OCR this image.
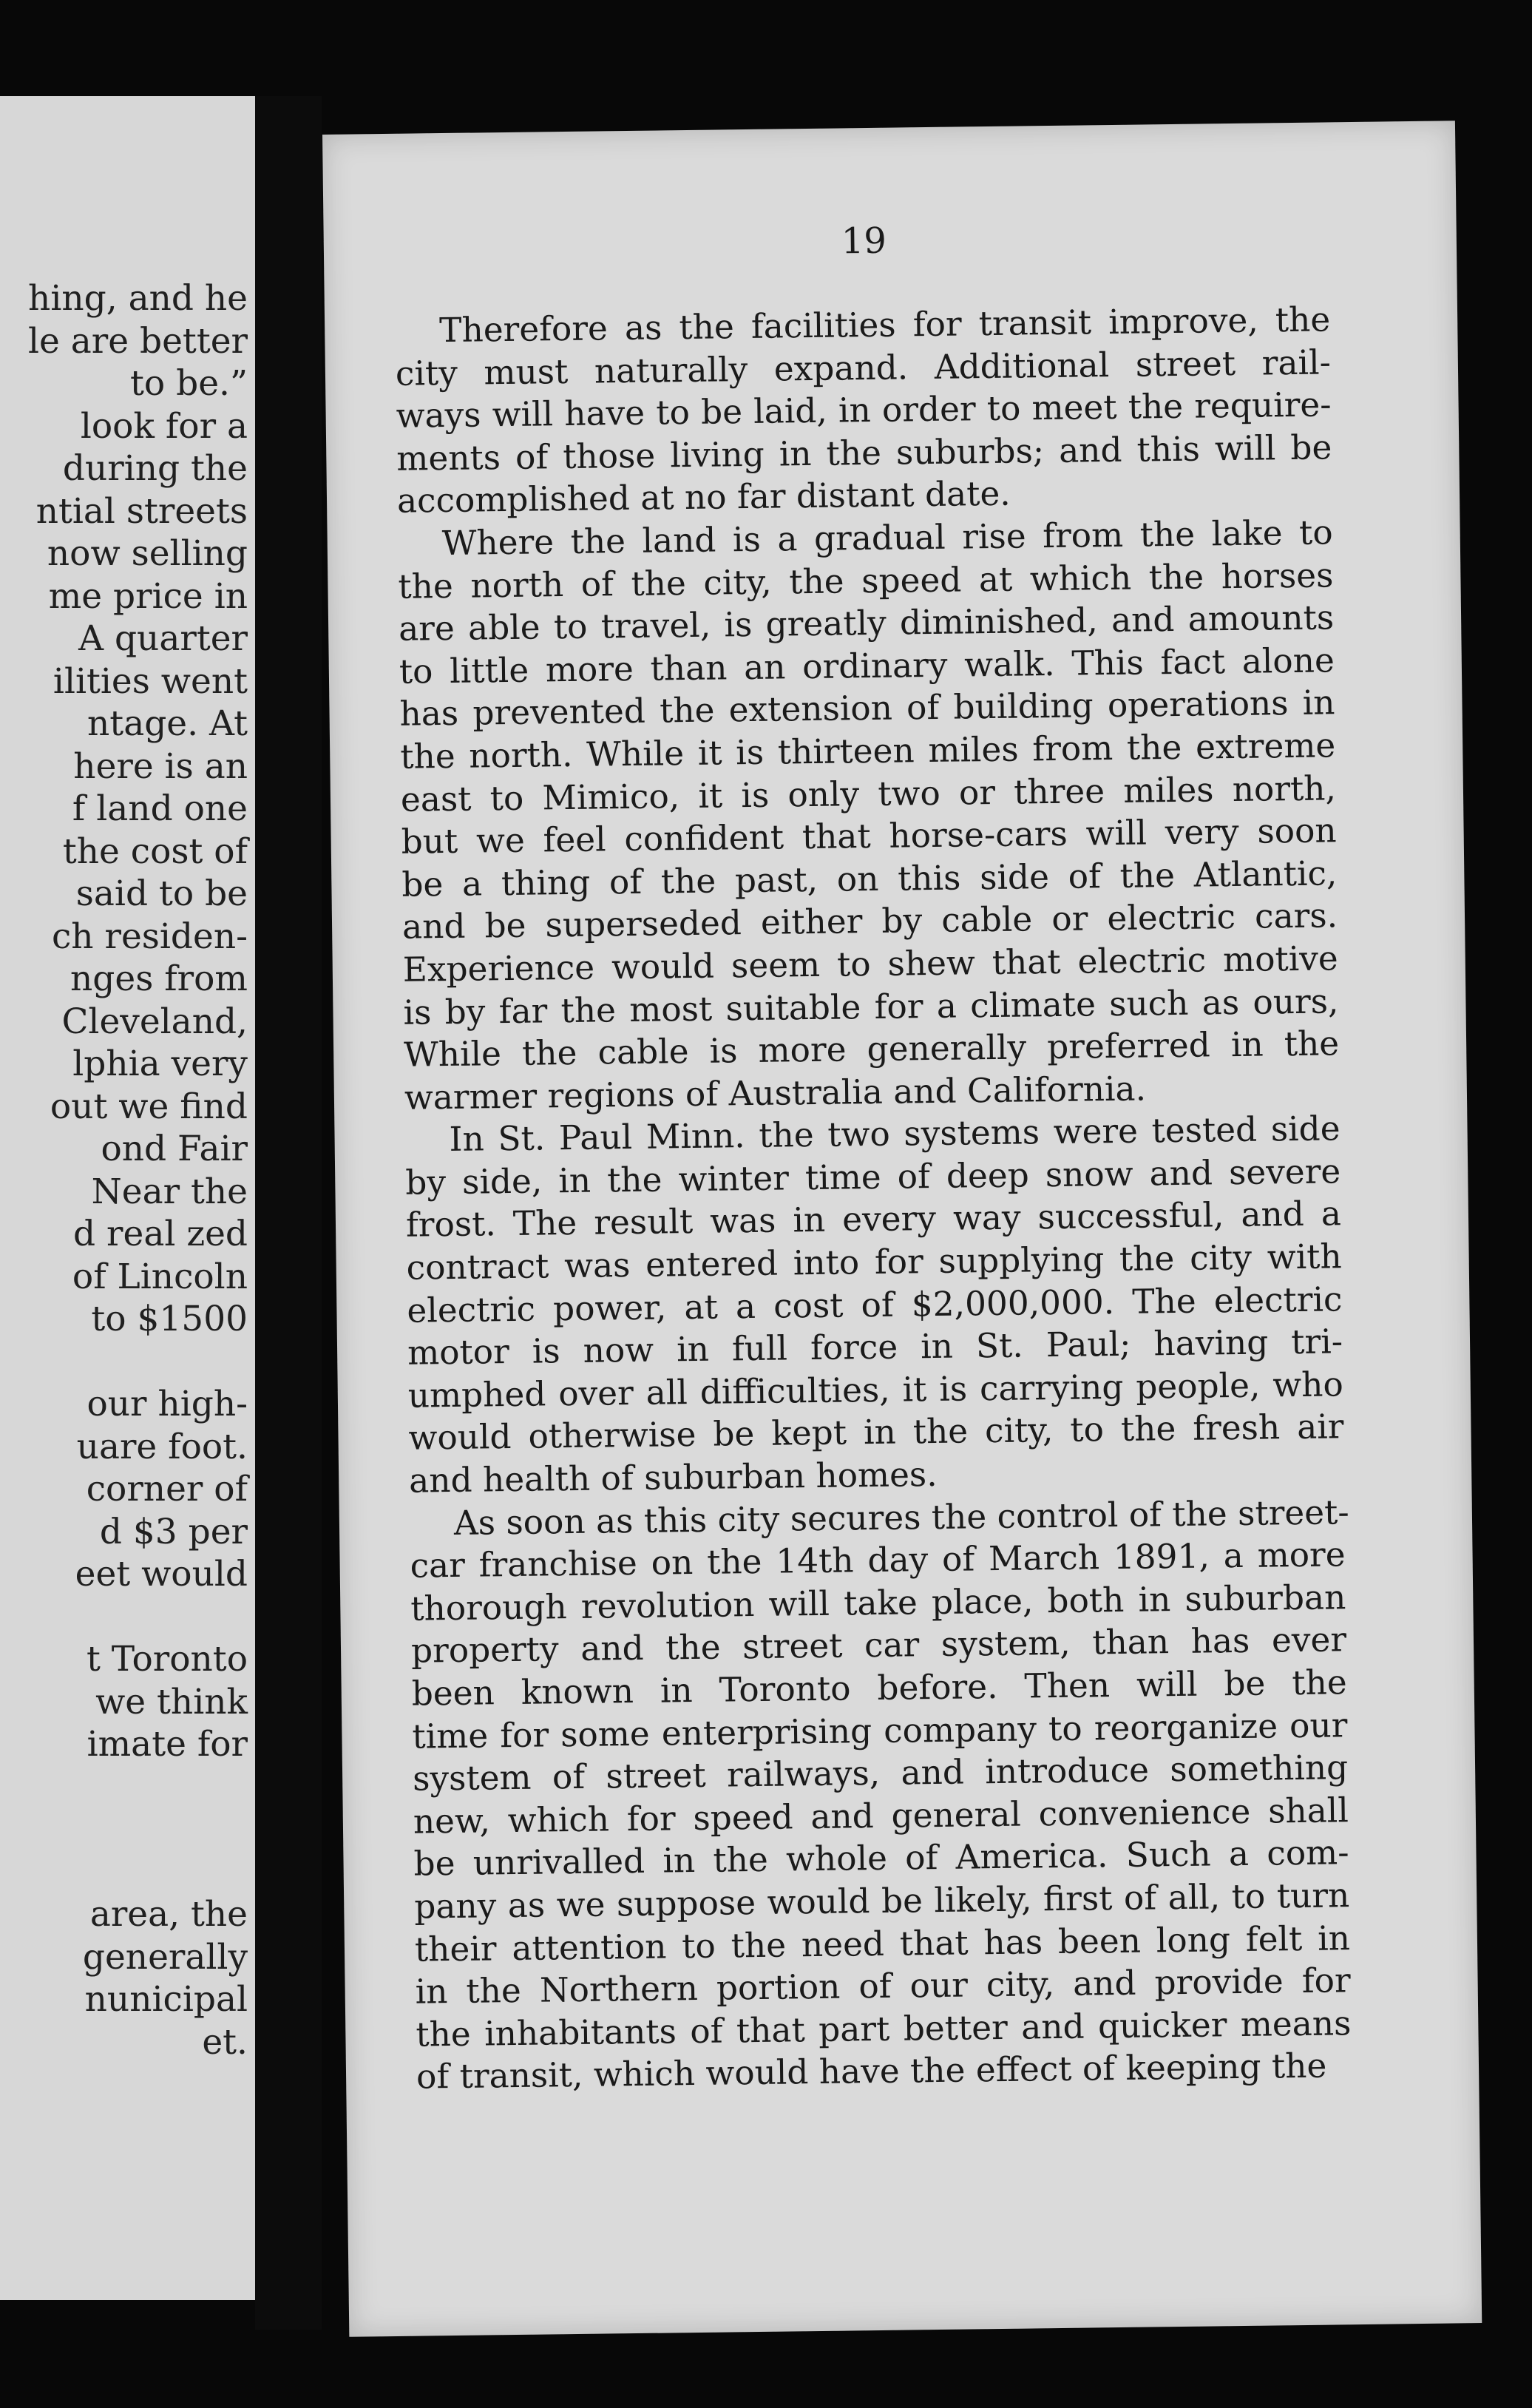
hing, and he
le are better
to be.”
look for a
during the
ntial streets
now selling
me price in
A quarter
ilities went
ntage. At
here is an
f land one
the cost of
said to be
ch residen-
nges from
Cleveland,
lphia very
out we find
ond Fair
Near the
d real zed
of Lincoln
to $1500
our high-
uare foot.
corner of
d $3 per
eet would
t Toronto
we think
imate for
area, the
generally
nunicipal
et.
19
Therefore as the facilities for transit improve, the
city must naturally expand. Additional street rail-
ways will have to be laid, in order to meet the require-
ments of those living in the suburbs; and this will be
accomplished at no far distant date.
Where the land is a gradual rise from the lake to
the north of the city, the speed at which the horses
are able to travel, is greatly diminished, and amounts
to little more than an ordinary walk. This fact alone
has prevented the extension of building operations in
the north. While it is thirteen miles from the extreme
east to Mimico, it is only two or three miles north,
but we feel confident that horse-cars will very soon
be a thing of the past, on this side of the Atlantic,
and be superseded either by cable or electric cars.
Experience would seem to shew that electric motive
is by far the most suitable for a climate such as ours,
While the cable is more generally preferred in the
warmer regions of Australia and California.
In St. Paul Minn. the two systems were tested side
by side, in the winter time of deep snow and severe
frost. The result was in every way successful, and a
contract was entered into for supplying the city with
electric power, at a cost of $2,000,000. The electric
motor is now in full force in St. Paul; having tri-
umphed over all difficulties, it is carrying people, who
would otherwise be kept in the city, to the fresh air
and health of suburban homes.
As soon as this city secures the control of the street-
car franchise on the 14th day of March 1891, a more
thorough revolution will take place, both in suburban
property and the street car system, than has ever
been known in Toronto before. Then will be the
time for some enterprising company to reorganize our
system of street railways, and introduce something
new, which for speed and general convenience shall
be unrivalled in the whole of America. Such a com-
pany as we suppose would be likely, first of all, to turn
their attention to the need that has been long felt in
in the Northern portion of our city, and provide for
the inhabitants of that part better and quicker means
of transit, which would have the effect of keeping the
